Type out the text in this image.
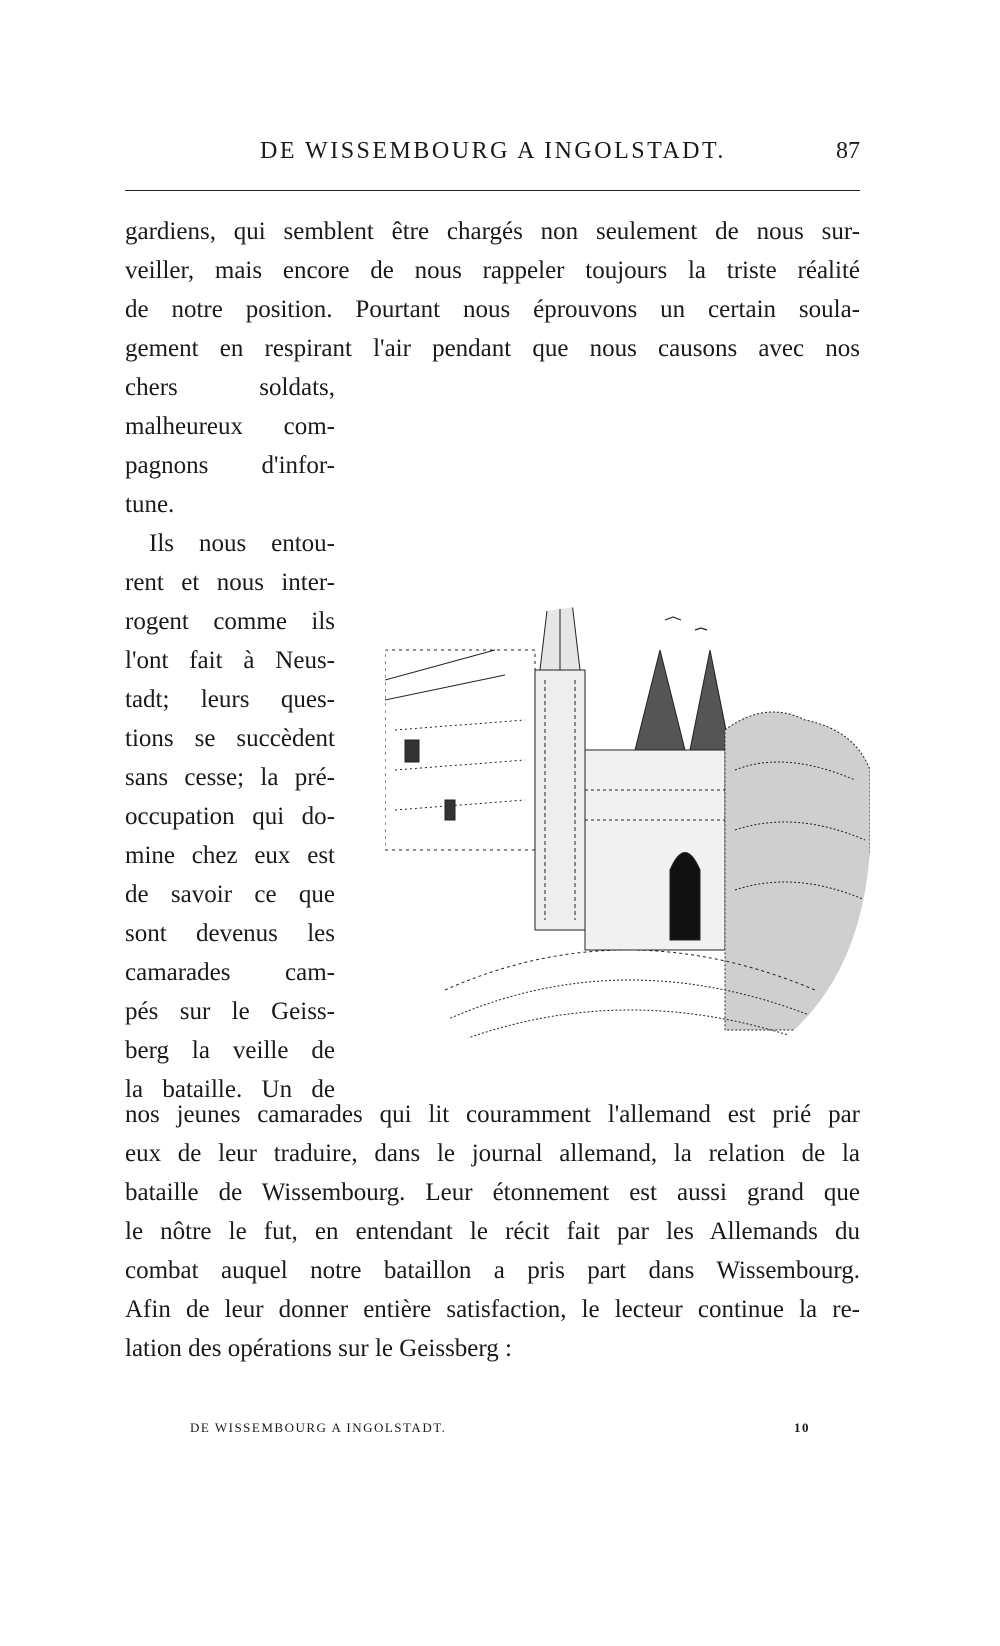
DE WISSEMBOURG A INGOLSTADT.	87
gardiens, qui semblent être chargés non seulement de nous sur-
veiller, mais encore de nous rappeler toujours la triste réalité
de notre position. Pourtant nous éprouvons un certain soula-
gement en respirant l'air pendant que nous causons avec nos
chers soldats,
malheureux com-
pagnons d'infor-
tune.
Ils nous entou-
rent et nous inter-
rogent comme ils
l'ont fait à Neus-
tadt; leurs ques-
tions se succèdent
sans cesse; la pré-
occupation qui do-
mine chez eux est
de savoir ce que
sont devenus les
camarades cam-
pés sur le Geiss-
berg la veille de
la bataille. Un de
nos jeunes camarades qui lit couramment l'allemand est prié par
eux de leur traduire, dans le journal allemand, la relation de la
bataille de Wissembourg. Leur étonnement est aussi grand que
le nôtre le fut, en entendant le récit fait par les Allemands du
combat auquel notre bataillon a pris part dans Wissembourg.
Afin de leur donner entière satisfaction, le lecteur continue la re-
lation des opérations sur le Geissberg :
DE WISSEMBOURG A INGOLSTADT.	10
